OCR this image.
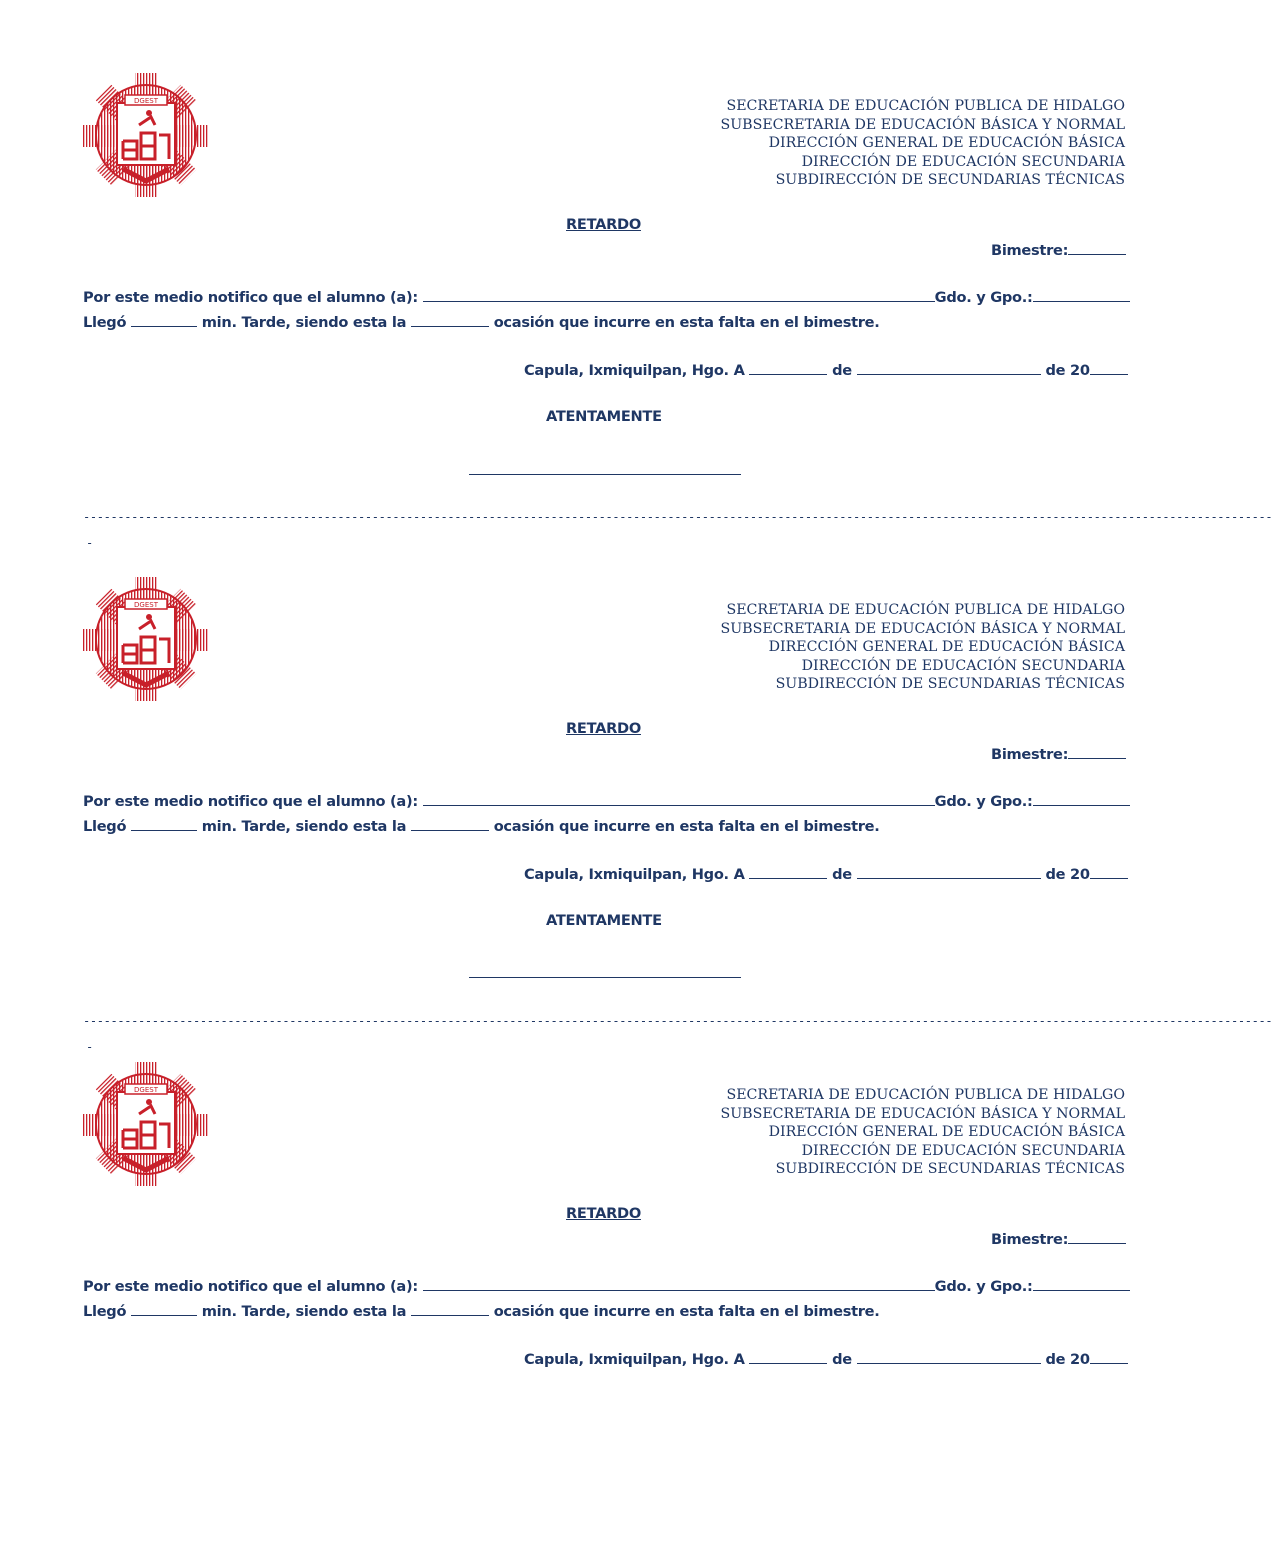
DGEST	SECRETARIA DE EDUCACIÓN PUBLICA DE HIDALGO
SUBSECRETARIA DE EDUCACIÓN BÁSICA Y NORMAL
DIRECCIÓN GENERAL DE EDUCACIÓN BÁSICA
DIRECCIÓN DE EDUCACIÓN SECUNDARIA
SUBDIRECCIÓN DE SECUNDARIAS TÉCNICAS
RETARDO
Bimestre:
Por este medio notifico que el alumno (a):	Gdo. y Gpo.:
Llegó	min. Tarde, siendo esta la	ocasión que incurre en esta falta en el bimestre.
Capula, Ixmiquilpan, Hgo. A	de	de 20
ATENTAMENTE
-----------------------------------------------------------------------------------------------------------------------------------------------------------------------------
-
DGEST	SECRETARIA DE EDUCACIÓN PUBLICA DE HIDALGO
SUBSECRETARIA DE EDUCACIÓN BÁSICA Y NORMAL
DIRECCIÓN GENERAL DE EDUCACIÓN BÁSICA
DIRECCIÓN DE EDUCACIÓN SECUNDARIA
SUBDIRECCIÓN DE SECUNDARIAS TÉCNICAS
RETARDO
Bimestre:
Por este medio notifico que el alumno (a):	Gdo. y Gpo.:
Llegó	min. Tarde, siendo esta la	ocasión que incurre en esta falta en el bimestre.
Capula, Ixmiquilpan, Hgo. A	de	de 20
ATENTAMENTE
-----------------------------------------------------------------------------------------------------------------------------------------------------------------------------
-
DGEST	SECRETARIA DE EDUCACIÓN PUBLICA DE HIDALGO
SUBSECRETARIA DE EDUCACIÓN BÁSICA Y NORMAL
DIRECCIÓN GENERAL DE EDUCACIÓN BÁSICA
DIRECCIÓN DE EDUCACIÓN SECUNDARIA
SUBDIRECCIÓN DE SECUNDARIAS TÉCNICAS
RETARDO
Bimestre:
Por este medio notifico que el alumno (a):	Gdo. y Gpo.:
Llegó	min. Tarde, siendo esta la	ocasión que incurre en esta falta en el bimestre.
Capula, Ixmiquilpan, Hgo. A	de	de 20
